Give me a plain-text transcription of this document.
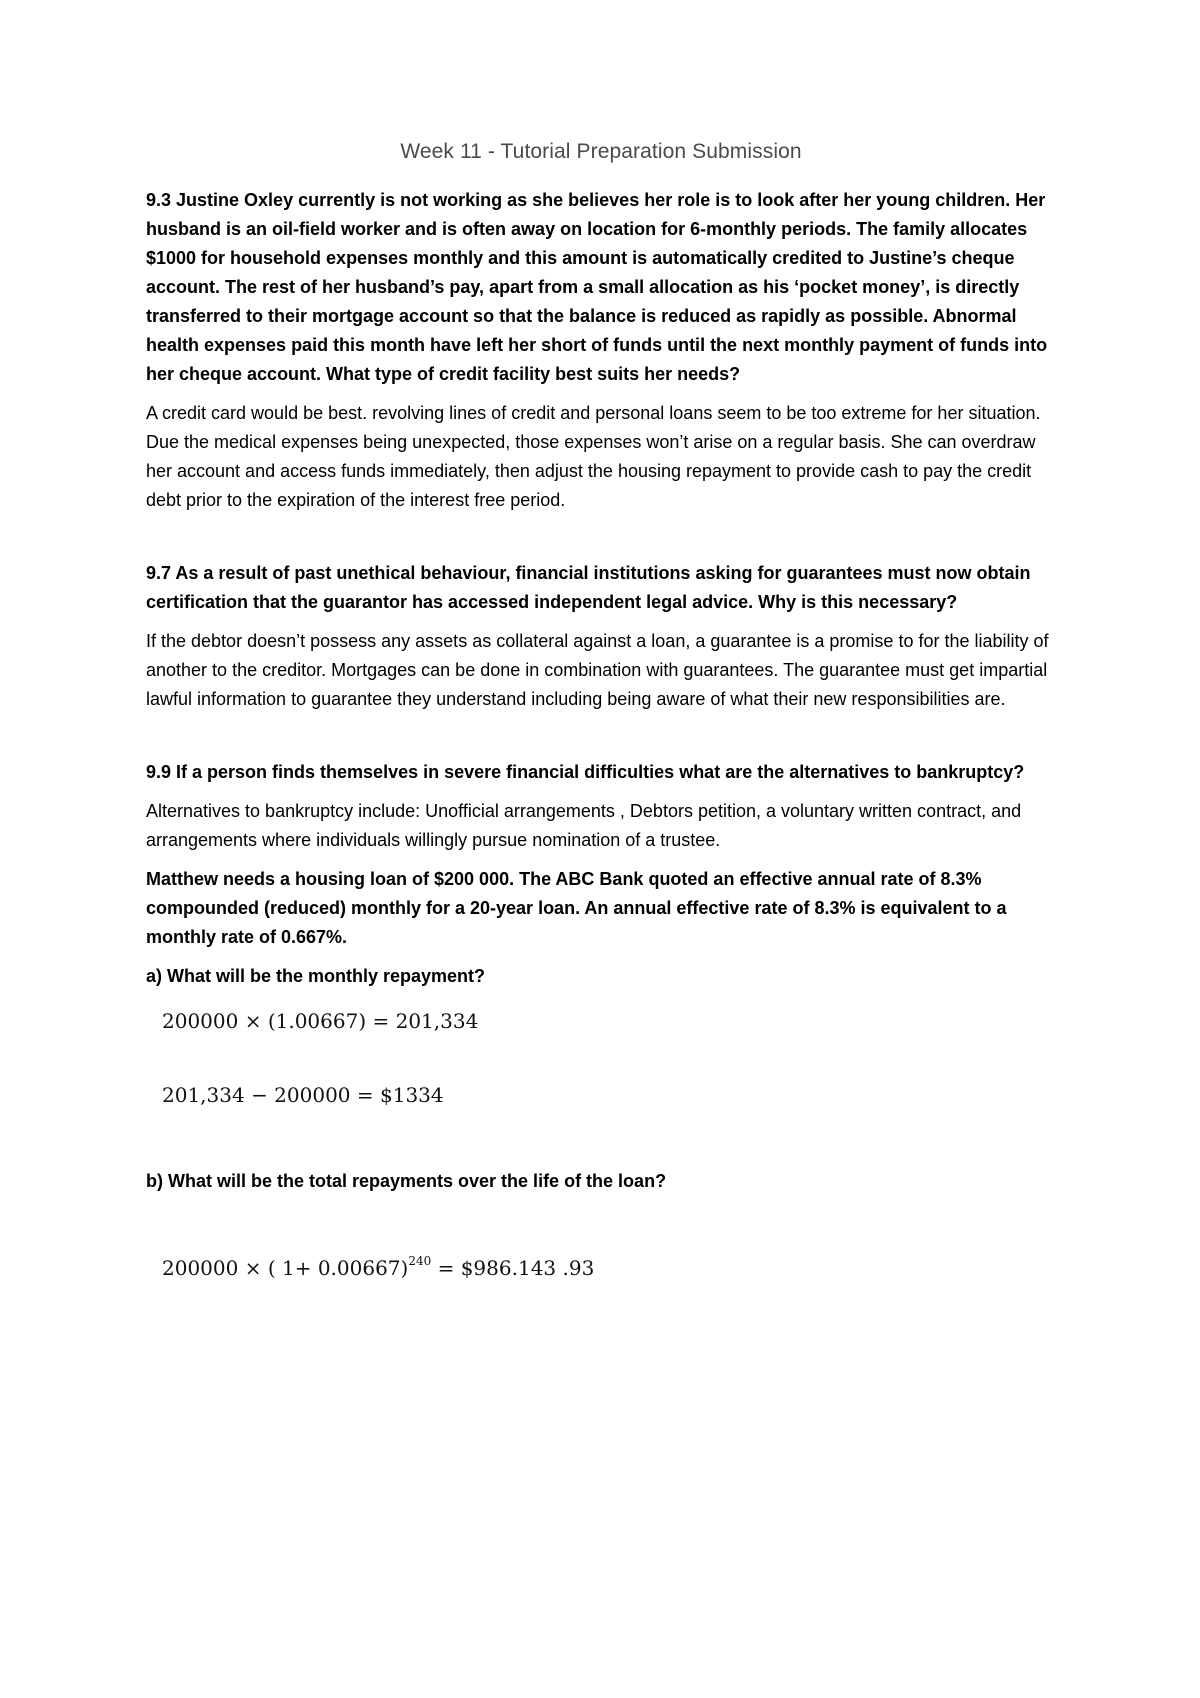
Week 11 - Tutorial Preparation Submission

9.3 Justine Oxley currently is not working as she believes her role is to look after her young children. Her husband is an oil-field worker and is often away on location for 6-monthly periods. The family allocates $1000 for household expenses monthly and this amount is automatically credited to Justine’s cheque account. The rest of her husband’s pay, apart from a small allocation as his ‘pocket money’, is directly transferred to their mortgage account so that the balance is reduced as rapidly as possible. Abnormal health expenses paid this month have left her short of funds until the next monthly payment of funds into her cheque account. What type of credit facility best suits her needs?

A credit card would be best. revolving lines of credit and personal loans seem to be too extreme for her situation. Due the medical expenses being unexpected, those expenses won’t arise on a regular basis. She can overdraw her account and access funds immediately, then adjust the housing repayment to provide cash to pay the credit debt prior to the expiration of the interest free period.

9.7 As a result of past unethical behaviour, financial institutions asking for guarantees must now obtain certification that the guarantor has accessed independent legal advice. Why is this necessary?

If the debtor doesn’t possess any assets as collateral against a loan, a guarantee is a promise to for the liability of another to the creditor. Mortgages can be done in combination with guarantees. The guarantee must get impartial lawful information to guarantee they understand including being aware of what their new responsibilities are.

9.9 If a person finds themselves in severe financial difficulties what are the alternatives to bankruptcy?

Alternatives to bankruptcy include: Unofficial arrangements , Debtors petition, a voluntary written contract, and arrangements where individuals willingly pursue nomination of a trustee.

Matthew needs a housing loan of $200 000. The ABC Bank quoted an effective annual rate of 8.3% compounded (reduced) monthly for a 20-year loan. An annual effective rate of 8.3% is equivalent to a monthly rate of 0.667%.

a) What will be the monthly repayment?

200000 × (1.00667) = 201,334
201,334 − 200000 = $1334

b) What will be the total repayments over the life of the loan?

200000 × ( 1+ 0.00667)$^{240}$ = $986.143 .93
